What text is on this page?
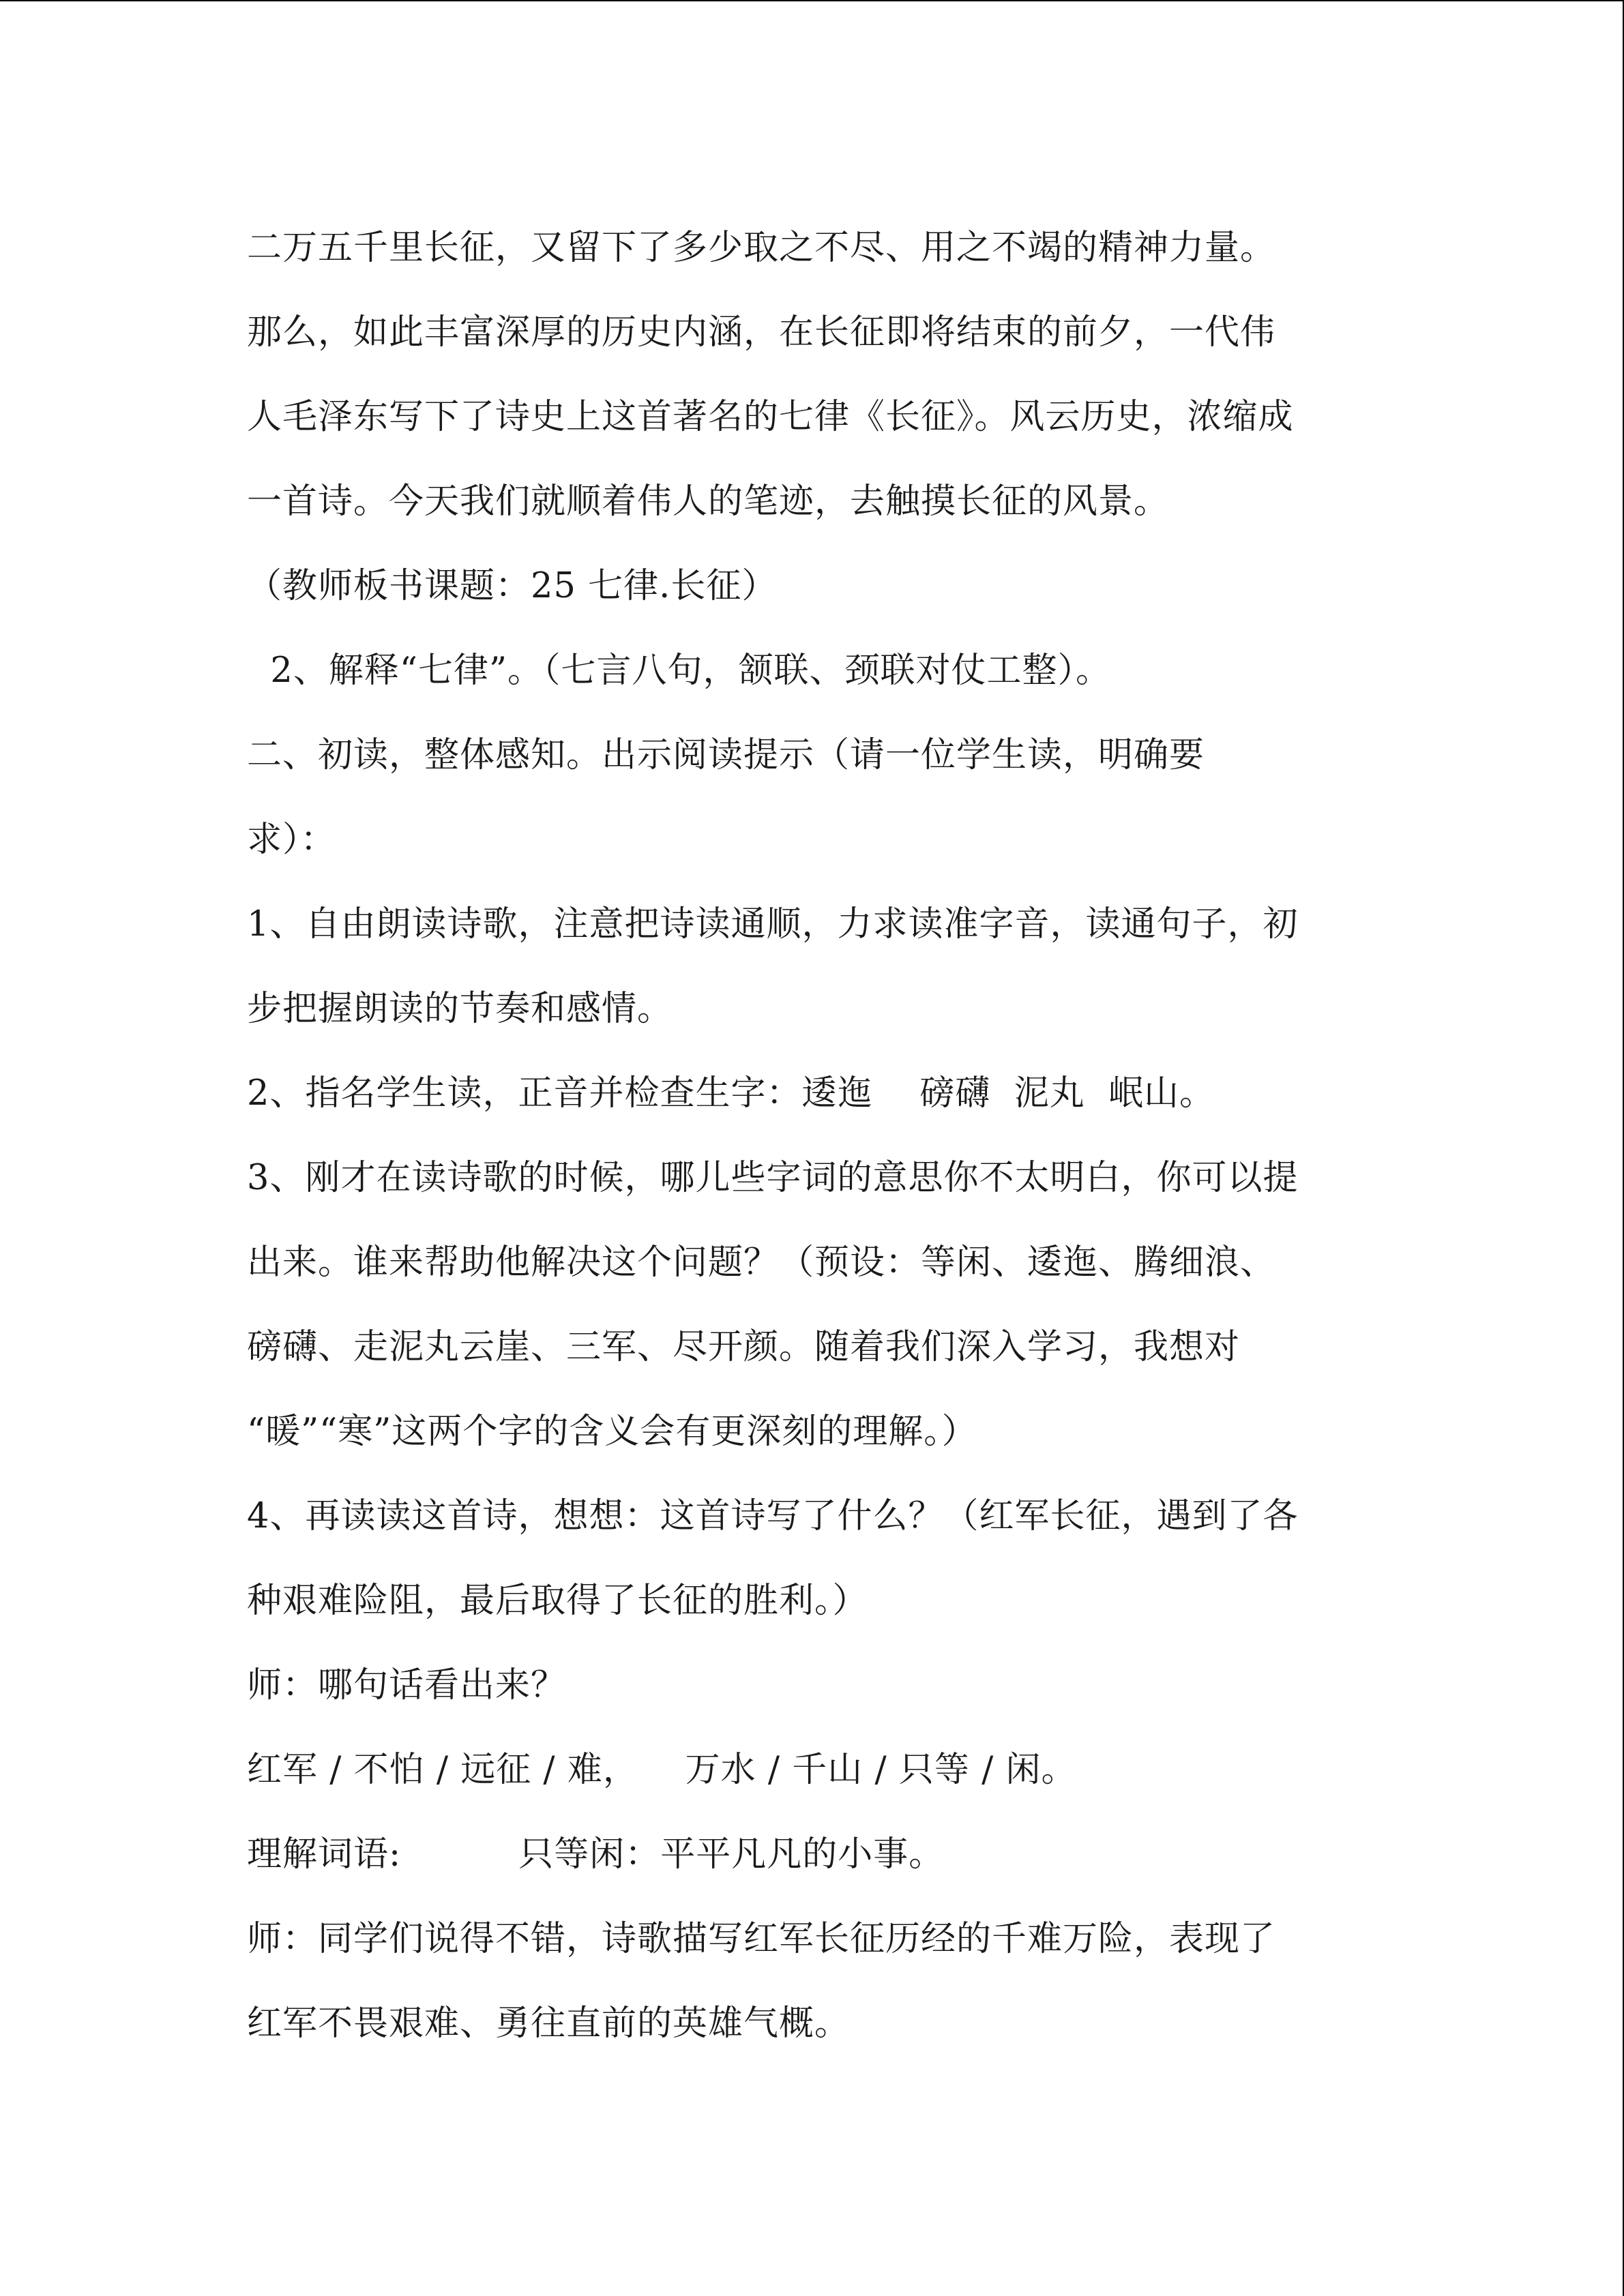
二万五千里长征，又留下了多少取之不尽、用之不竭的精神力量。
那么，如此丰富深厚的历史内涵，在长征即将结束的前夕，一代伟
人毛泽东写下了诗史上这首著名的七律《长征》。风云历史，浓缩成
一首诗。今天我们就顺着伟人的笔迹，去触摸长征的风景。
（教师板书课题：25 七律.长征）
2、解释“七律”。（七言八句，颔联、颈联对仗工整）。
二、初读，整体感知。出示阅读提示（请一位学生读，明确要
求）：
1、自由朗读诗歌，注意把诗读通顺，力求读准字音，读通句子，初
步把握朗读的节奏和感情。
2、指名学生读，正音并检查生字：逶迤    磅礴  泥丸  岷山。
3、刚才在读诗歌的时候，哪儿些字词的意思你不太明白，你可以提
出来。谁来帮助他解决这个问题？（预设：等闲、逶迤、腾细浪、
磅礴、走泥丸云崖、三军、尽开颜。随着我们深入学习，我想对
“暖”“寒”这两个字的含义会有更深刻的理解。）
4、再读读这首诗，想想：这首诗写了什么？（红军长征，遇到了各
种艰难险阻，最后取得了长征的胜利。）
师：哪句话看出来？
红军 / 不怕 / 远征 / 难，    万水 / 千山 / 只等 / 闲。
理解词语:          只等闲：平平凡凡的小事。
师：同学们说得不错，诗歌描写红军长征历经的千难万险，表现了
红军不畏艰难、勇往直前的英雄气概。
